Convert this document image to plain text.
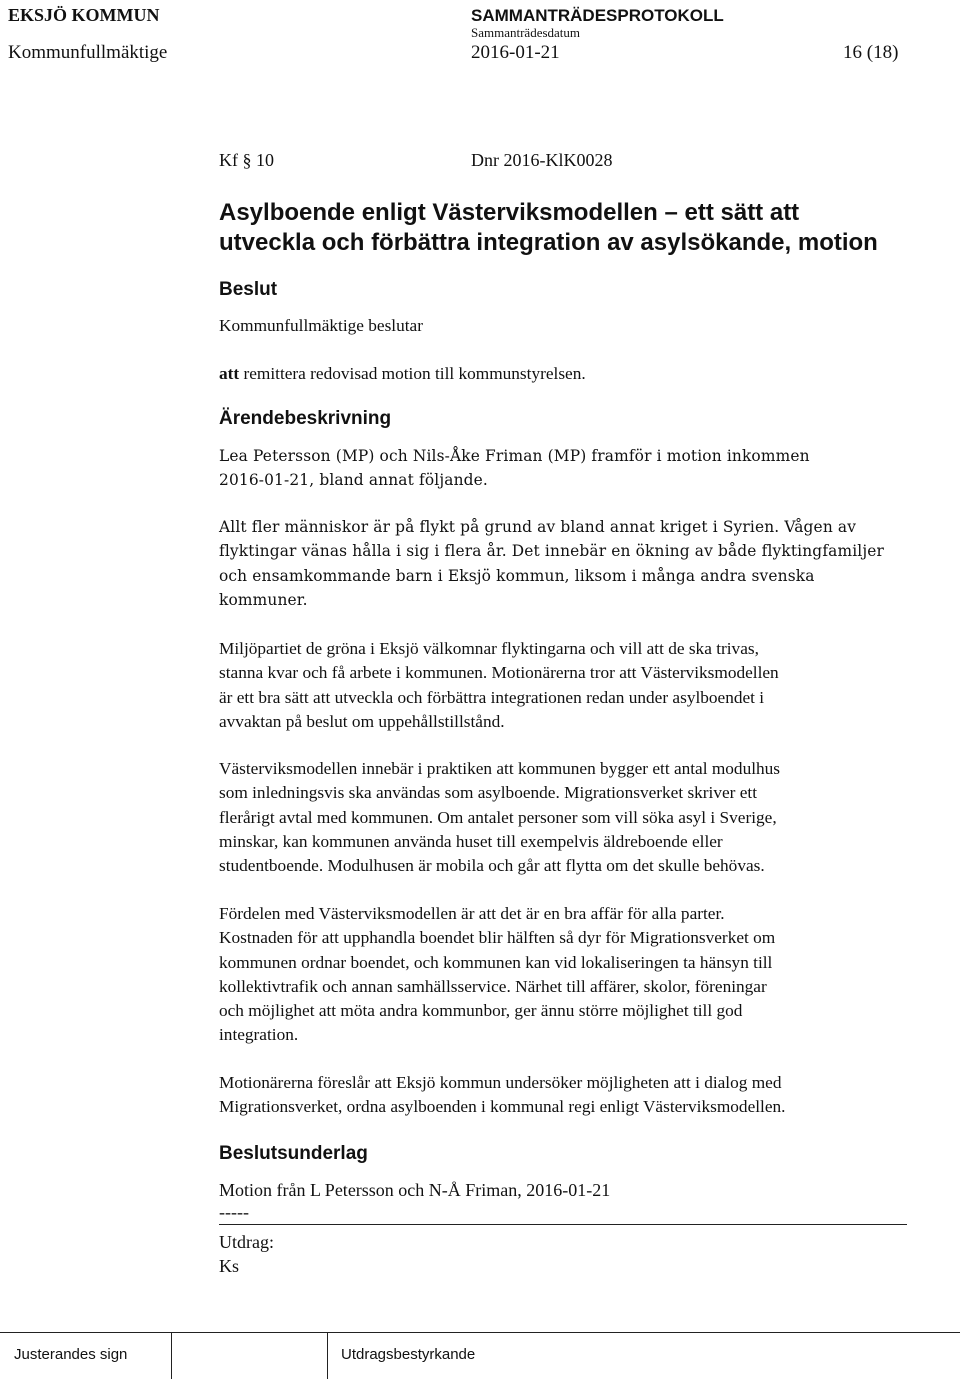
EKSJÖ KOMMUN	SAMMANTRÄDESPROTOKOLL
Sammanträdesdatum
Kommunfullmäktige	2016-01-21	16 (18)
Kf § 10	Dnr 2016-KlK0028
Asylboende enligt Västerviksmodellen – ett sätt att
utveckla och förbättra integration av asylsökande, motion
Beslut
Kommunfullmäktige beslutar
att remittera redovisad motion till kommunstyrelsen.
Ärendebeskrivning
Lea Petersson (MP) och Nils-Åke Friman (MP) framför i motion inkommen
2016-01-21, bland annat följande.
Allt fler människor är på flykt på grund av bland annat kriget i Syrien. Vågen av
flyktingar vänas hålla i sig i flera år. Det innebär en ökning av både flyktingfamiljer
och ensamkommande barn i Eksjö kommun, liksom i många andra svenska
kommuner.
Miljöpartiet de gröna i Eksjö välkomnar flyktingarna och vill att de ska trivas,
stanna kvar och få arbete i kommunen. Motionärerna tror att Västerviksmodellen
är ett bra sätt att utveckla och förbättra integrationen redan under asylboendet i
avvaktan på beslut om uppehållstillstånd.
Västerviksmodellen innebär i praktiken att kommunen bygger ett antal modulhus
som inledningsvis ska användas som asylboende. Migrationsverket skriver ett
flerårigt avtal med kommunen. Om antalet personer som vill söka asyl i Sverige,
minskar, kan kommunen använda huset till exempelvis äldreboende eller
studentboende. Modulhusen är mobila och går att flytta om det skulle behövas.
Fördelen med Västerviksmodellen är att det är en bra affär för alla parter.
Kostnaden för att upphandla boendet blir hälften så dyr för Migrationsverket om
kommunen ordnar boendet, och kommunen kan vid lokaliseringen ta hänsyn till
kollektivtrafik och annan samhällsservice. Närhet till affärer, skolor, föreningar
och möjlighet att möta andra kommunbor, ger ännu större möjlighet till god
integration.
Motionärerna föreslår att Eksjö kommun undersöker möjligheten att i dialog med
Migrationsverket, ordna asylboenden i kommunal regi enligt Västerviksmodellen.
Beslutsunderlag
Motion från L Petersson och N-Å Friman, 2016-01-21
-----
Utdrag:
Ks
Justerandes sign	Utdragsbestyrkande
